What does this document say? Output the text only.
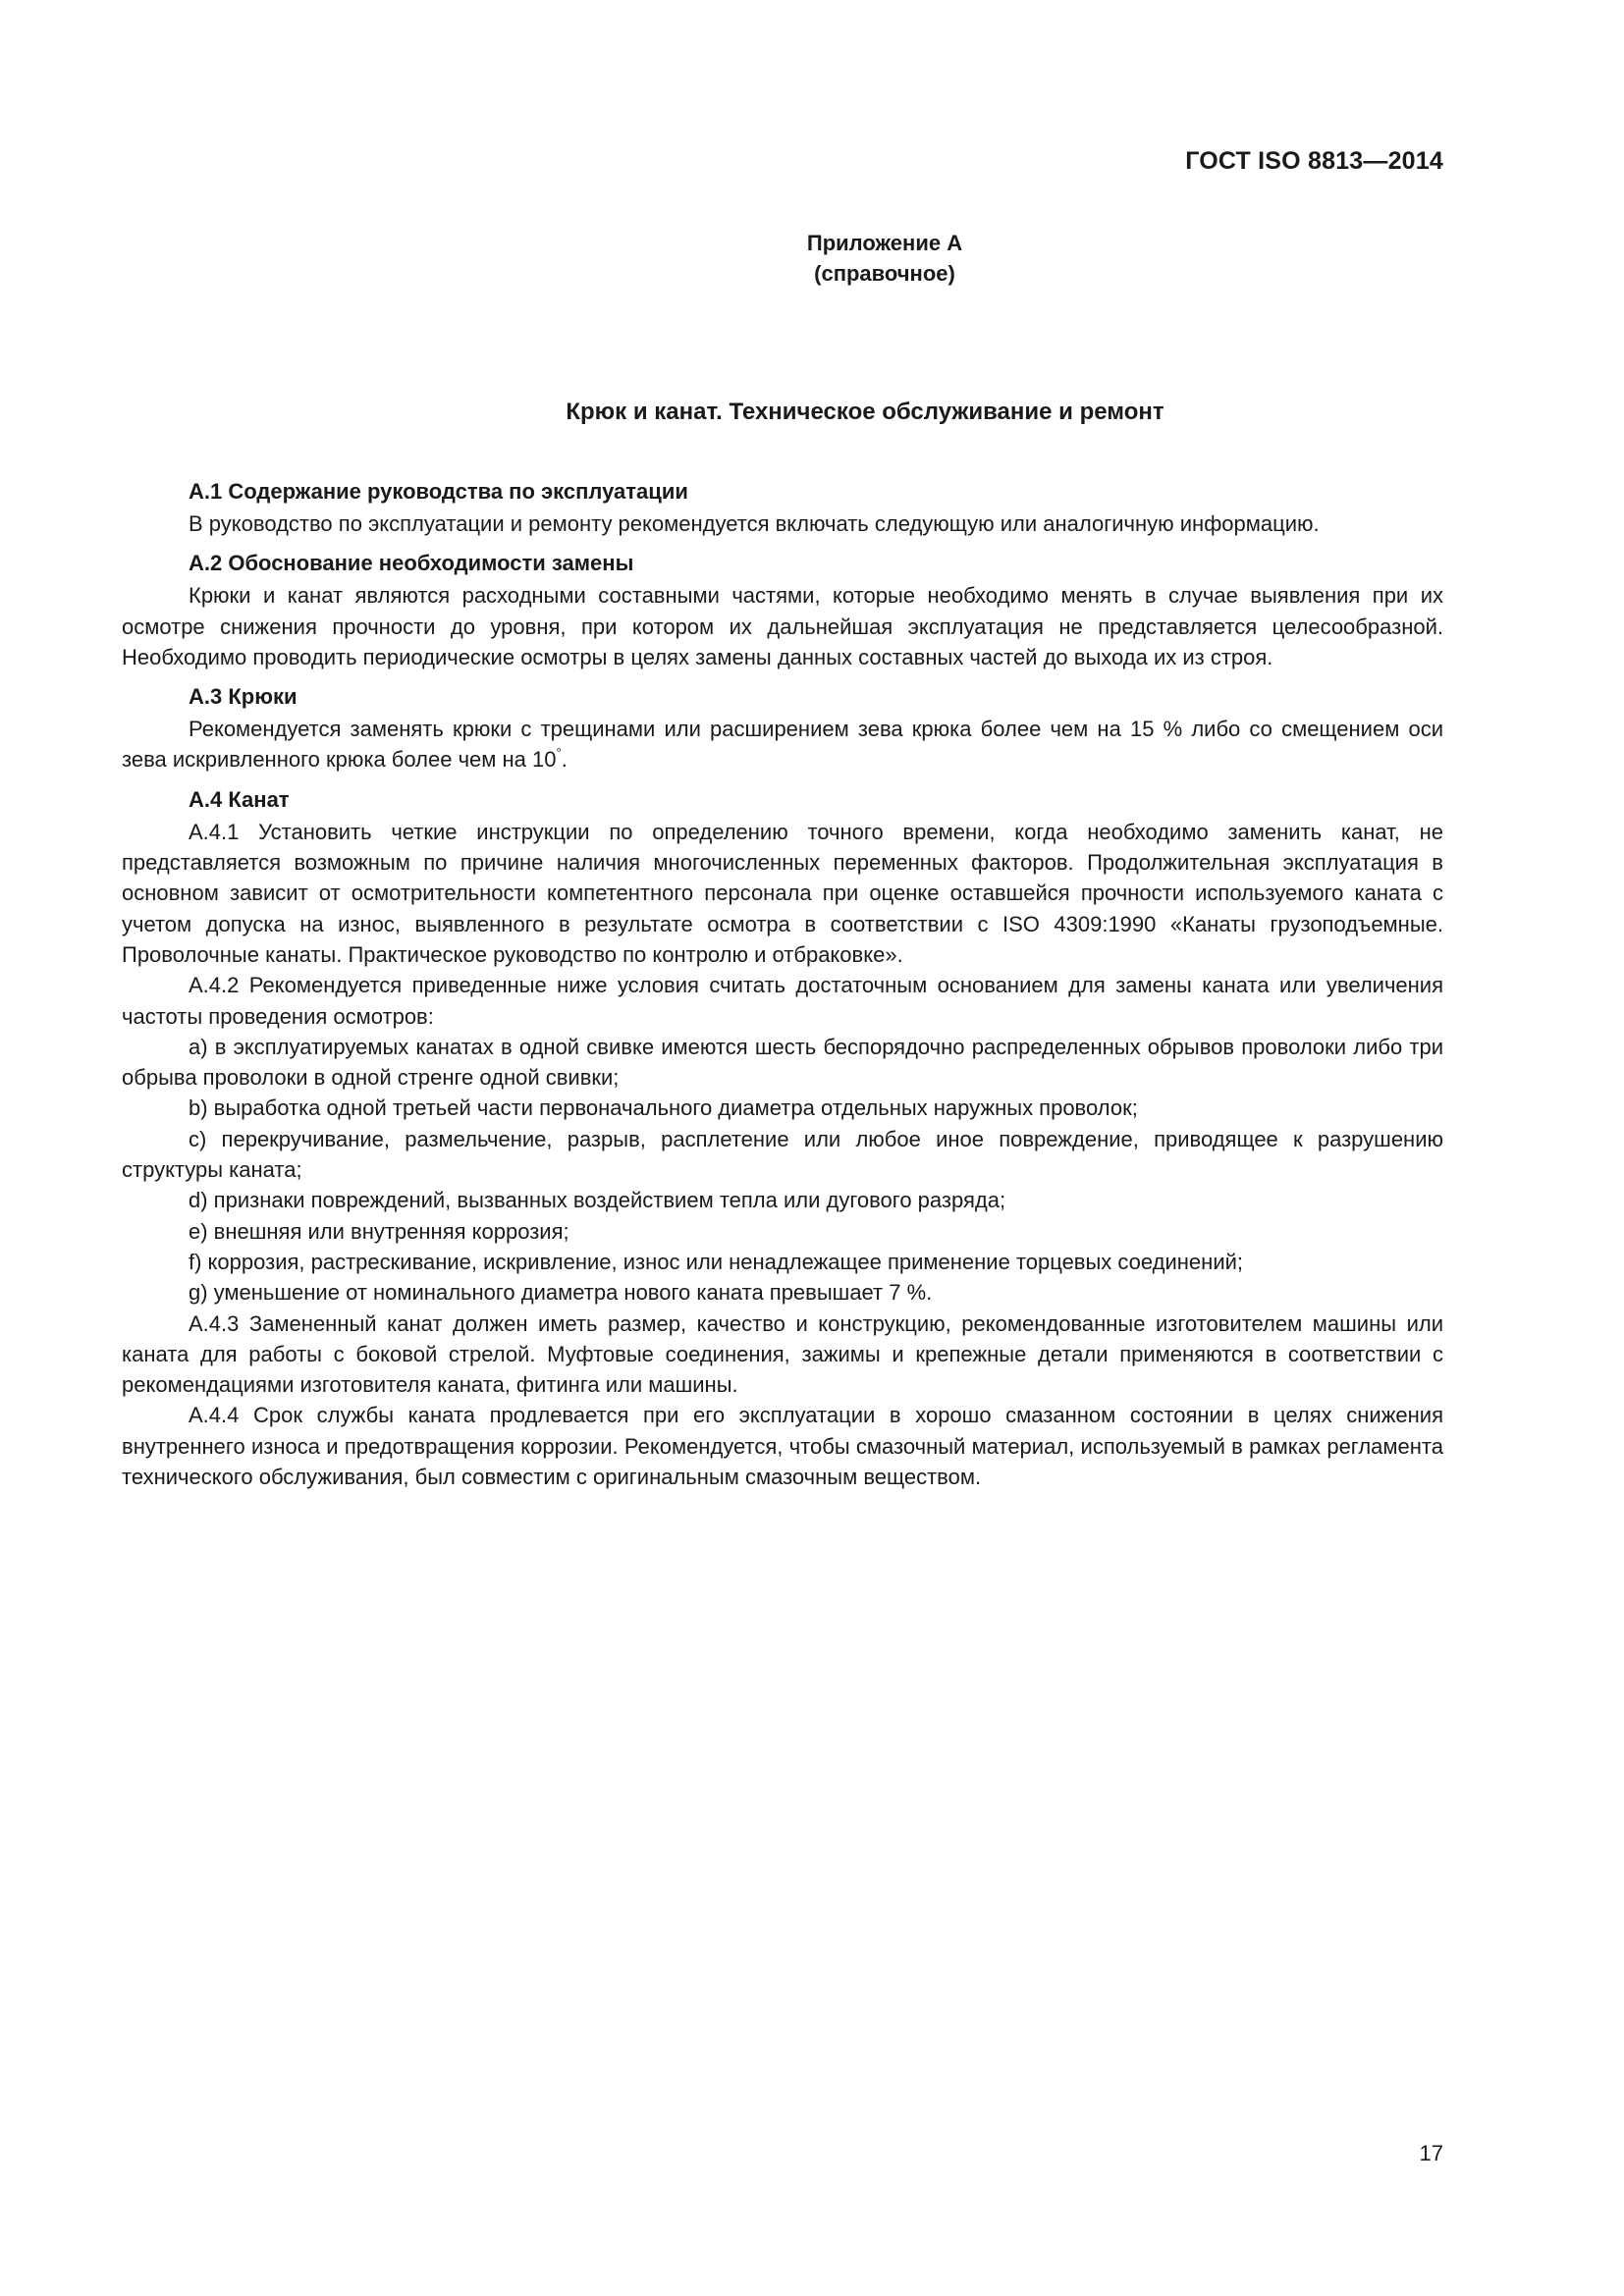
ГОСТ ISO 8813—2014
Приложение А
(справочное)
Крюк и канат. Техническое обслуживание и ремонт

А.1 Содержание руководства по эксплуатации

В руководство по эксплуатации и ремонту рекомендуется включать следующую или аналогичную информацию.

А.2 Обоснование необходимости замены

Крюки и канат являются расходными составными частями, которые необходимо менять в случае выявления при их осмотре снижения прочности до уровня, при котором их дальнейшая эксплуатация не представляется целесообразной. Необходимо проводить периодические осмотры в целях замены данных составных частей до выхода их из строя.

А.3 Крюки

Рекомендуется заменять крюки с трещинами или расширением зева крюка более чем на 15 % либо со смещением оси зева искривленного крюка более чем на 10°.

А.4 Канат

А.4.1 Установить четкие инструкции по определению точного времени, когда необходимо заменить канат, не представляется возможным по причине наличия многочисленных переменных факторов. Продолжительная эксплуатация в основном зависит от осмотрительности компетентного персонала при оценке оставшейся прочности используемого каната с учетом допуска на износ, выявленного в результате осмотра в соответствии с ISO 4309:1990 «Канаты грузоподъемные. Проволочные канаты. Практическое руководство по контролю и отбраковке».

А.4.2 Рекомендуется приведенные ниже условия считать достаточным основанием для замены каната или увеличения частоты проведения осмотров:

a) в эксплуатируемых канатах в одной свивке имеются шесть беспорядочно распределенных обрывов проволоки либо три обрыва проволоки в одной стренге одной свивки;

b) выработка одной третьей части первоначального диаметра отдельных наружных проволок;

c) перекручивание, размельчение, разрыв, расплетение или любое иное повреждение, приводящее к разрушению структуры каната;

d) признаки повреждений, вызванных воздействием тепла или дугового разряда;

e) внешняя или внутренняя коррозия;

f) коррозия, растрескивание, искривление, износ или ненадлежащее применение торцевых соединений;

g) уменьшение от номинального диаметра нового каната превышает 7 %.

А.4.3 Замененный канат должен иметь размер, качество и конструкцию, рекомендованные изготовителем машины или каната для работы с боковой стрелой. Муфтовые соединения, зажимы и крепежные детали применяются в соответствии с рекомендациями изготовителя каната, фитинга или машины.

А.4.4 Срок службы каната продлевается при его эксплуатации в хорошо смазанном состоянии в целях снижения внутреннего износа и предотвращения коррозии. Рекомендуется, чтобы смазочный материал, используемый в рамках регламента технического обслуживания, был совместим с оригинальным смазочным веществом.

17
